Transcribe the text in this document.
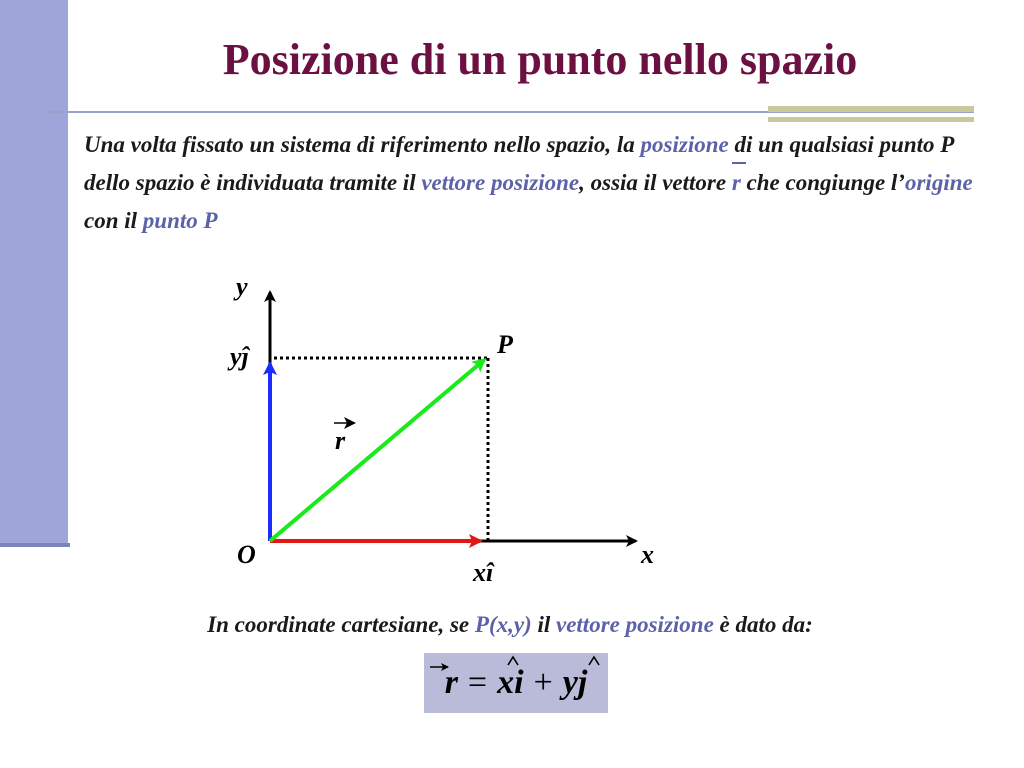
Posizione di un punto nello spazio
Una volta fissato un sistema di riferimento nello spazio, la posizione di un qualsiasi punto P dello spazio è individuata tramite il vettore posizione, ossia il vettore r che congiunge l’origine con il punto P
y
x
O
P
yĵ
xî
r
In coordinate cartesiane, se P(x,y) il vettore posizione è dato da:
r = x i + y j
